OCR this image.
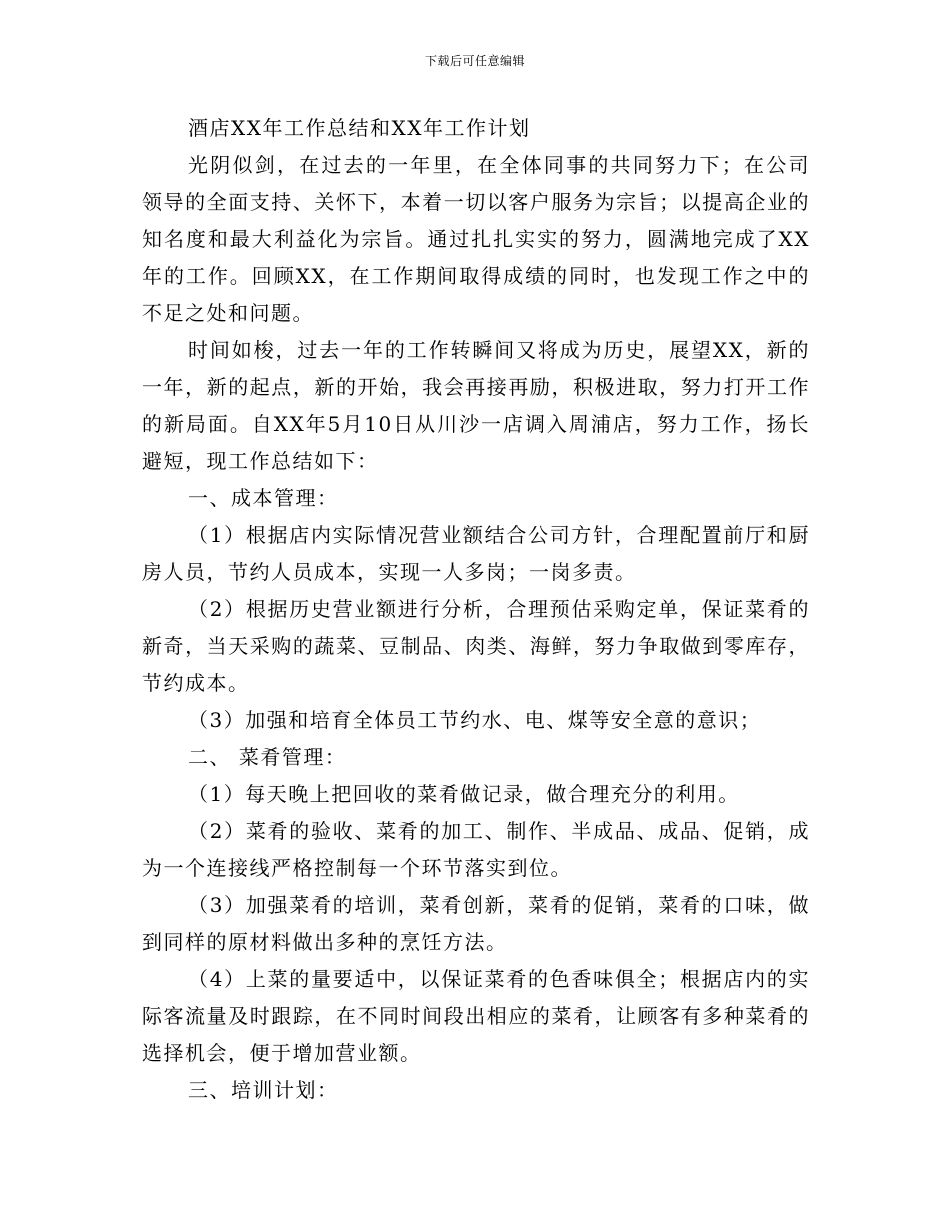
下载后可任意编辑

酒店XX年工作总结和XX年工作计划

光阴似剑，在过去的一年里，在全体同事的共同努力下；在公司领导的全面支持、关怀下，本着一切以客户服务为宗旨；以提高企业的知名度和最大利益化为宗旨。通过扎扎实实的努力，圆满地完成了XX年的工作。回顾XX，在工作期间取得成绩的同时，也发现工作之中的不足之处和问题。

时间如梭，过去一年的工作转瞬间又将成为历史，展望XX，新的一年，新的起点，新的开始，我会再接再励，积极进取，努力打开工作的新局面。自XX年5月10日从川沙一店调入周浦店，努力工作，扬长避短，现工作总结如下：

一、成本管理：

（1）根据店内实际情况营业额结合公司方针，合理配置前厅和厨房人员，节约人员成本，实现一人多岗；一岗多责。

（2）根据历史营业额进行分析，合理预估采购定单，保证菜肴的新奇，当天采购的蔬菜、豆制品、肉类、海鲜，努力争取做到零库存，节约成本。

（3）加强和培育全体员工节约水、电、煤等安全意的意识；

二、 菜肴管理：

（1）每天晚上把回收的菜肴做记录，做合理充分的利用。

（2）菜肴的验收、菜肴的加工、制作、半成品、成品、促销，成为一个连接线严格控制每一个环节落实到位。

（3）加强菜肴的培训，菜肴创新，菜肴的促销，菜肴的口味，做到同样的原材料做出多种的烹饪方法。

（4）上菜的量要适中，以保证菜肴的色香味俱全；根据店内的实际客流量及时跟踪，在不同时间段出相应的菜肴，让顾客有多种菜肴的选择机会，便于增加营业额。

三、培训计划：
